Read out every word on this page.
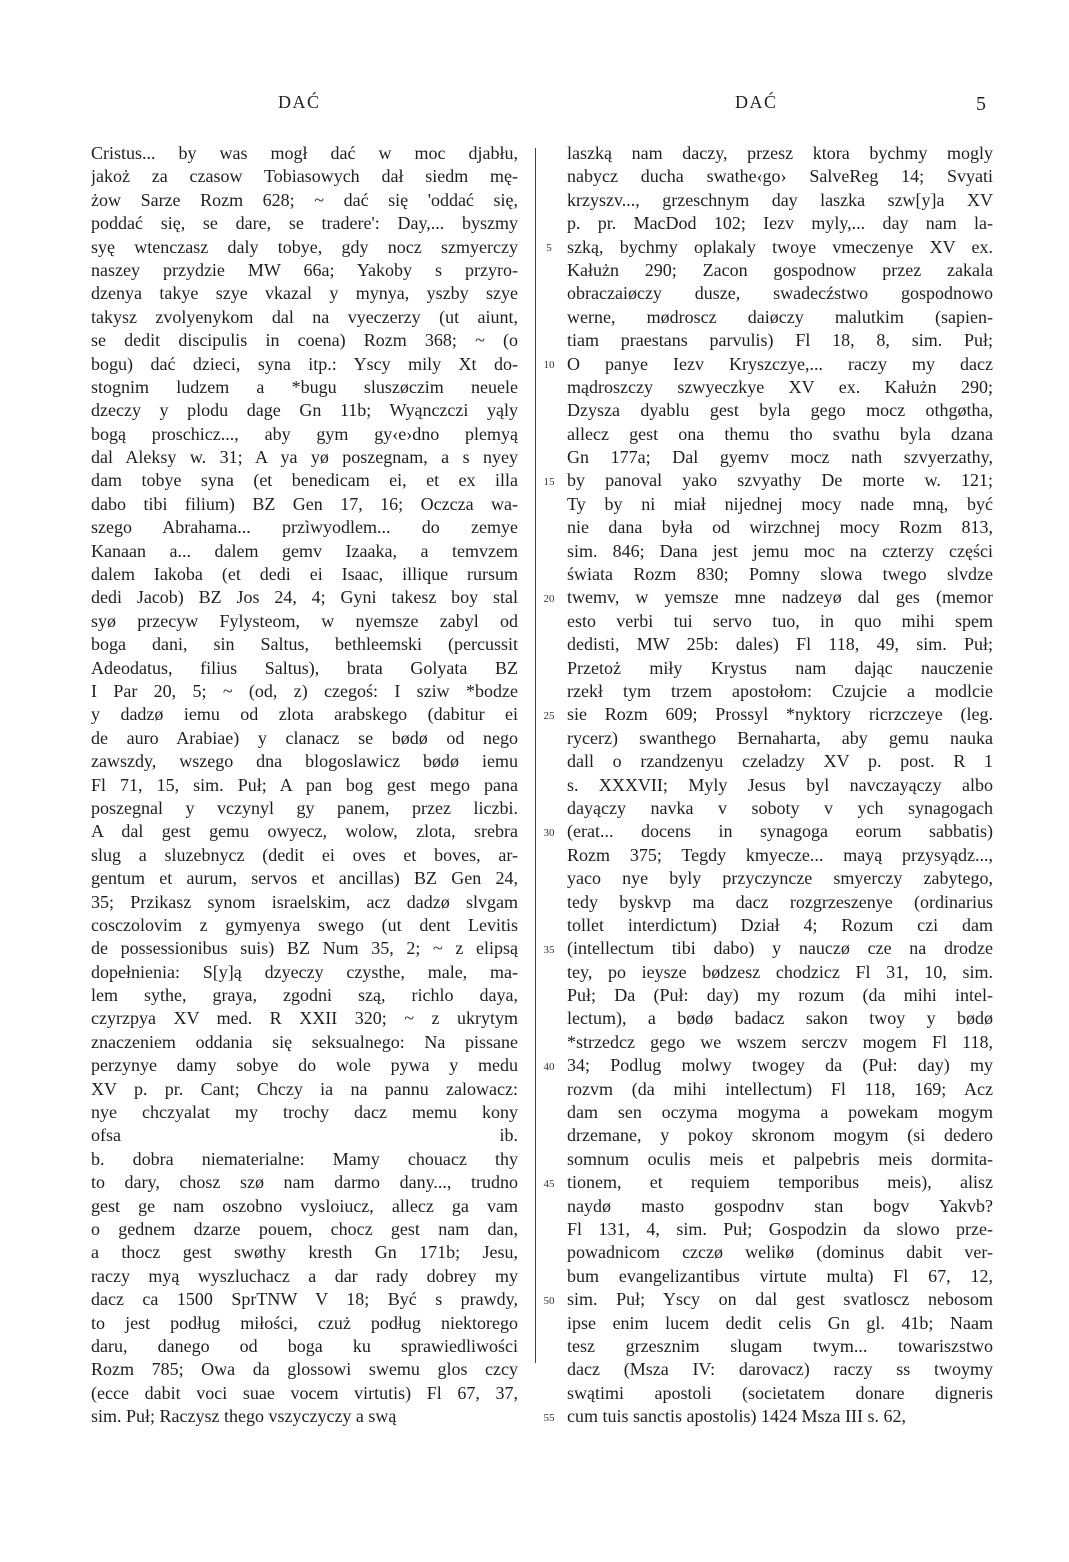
DAĆ	DAĆ	5
Cristus... by was mogł dać w moc djabłu,
jakoż za czasow Tobiasowych dał siedm mę-
żow Sarze Rozm 628; ~ dać się 'oddać się,
poddać się, se dare, se tradere': Day,... byszmy
syę wtenczasz daly tobye, gdy nocz szmyerczy
naszey przydzie MW 66a; Yakoby s przyro-
dzenya takye szye vkazal y mynya, yszby szye
takysz zvolyenykom dal na vyeczerzy (ut aiunt,
se dedit discipulis in coena) Rozm 368; ~ (o
bogu) dać dzieci, syna itp.: Yscy mily Xt do-
stognim ludzem a *bugu sluszøczim neuele
dzeczy y plodu dage Gn 11b; Wyąnczczi yąly
bogą proschicz..., aby gym gy‹e›dno plemyą
dal Aleksy w. 31; A ya yø poszegnam, a s nyey
dam tobye syna (et benedicam ei, et ex illa
dabo tibi filium) BZ Gen 17, 16; Oczcza wa-
szego Abrahama... przìwyodlem... do zemye
Kanaan a... dalem gemv Izaaka, a temvzem
dalem Iakoba (et dedi ei Isaac, illique rursum
dedi Jacob) BZ Jos 24, 4; Gyni takesz boy stal
syø przecyw Fylysteom, w nyemsze zabyl od
boga dani, sin Saltus, bethleemski (percussit
Adeodatus, filius Saltus), brata Golyata BZ
I Par 20, 5; ~ (od, z) czegoś: I sziw *bodze
y dadzø iemu od zlota arabskego (dabitur ei
de auro Arabiae) y clanacz se bødø od nego
zawszdy, wszego dna blogoslawicz bødø iemu
Fl 71, 15, sim. Puł; A pan bog gest mego pana
poszegnal y vczynyl gy panem, przez liczbi.
A dal gest gemu owyecz, wolow, zlota, srebra
slug a sluzebnycz (dedit ei oves et boves, ar-
gentum et aurum, servos et ancillas) BZ Gen 24,
35; Przikasz synom israelskim, acz dadzø slvgam
cosczolovim z gymyenya swego (ut dent Levitis
de possessionibus suis) BZ Num 35, 2; ~ z elipsą
dopełnienia: S[y]ą dzyeczy czysthe, male, ma-
lem sythe, graya, zgodni szą, richlo daya,
czyrzpya XV med. R XXII 320; ~ z ukrytym
znaczeniem oddania się seksualnego: Na pissane
perzynye damy sobye do wole pywa y medu
XV p. pr. Cant; Chczy ia na pannu zalowacz:
nye chczyalat my trochy dacz memu kony
ofsa ib.
b. dobra niematerialne: Mamy chouacz thy
to dary, chosz szø nam darmo dany..., trudno
gest ge nam oszobno vysloiucz, allecz ga vam
o gednem dzarze pouem, chocz gest nam dan,
a thocz gest swøthy kresth Gn 171b; Jesu,
raczy myą wyszluchacz a dar rady dobrey my
dacz ca 1500 SprTNW V 18; Być s prawdy,
to jest podług miłości, czuż podług niektorego
daru, danego od boga ku sprawiedliwości
Rozm 785; Owa da glossowi swemu glos czcy
(ecce dabit voci suae vocem virtutis) Fl 67, 37,
sim. Puł; Raczysz thego vszyczyczy a swą
5
10
15
20
25
30
35
40
45
50
55
laszką nam daczy, przesz ktora bychmy mogly
nabycz ducha swathe‹go› SalveReg 14; Svyati
krzyszv..., grzeschnym day laszka szw[y]a XV
p. pr. MacDod 102; Iezv myly,... day nam la-
szką, bychmy oplakaly twoye vmeczenye XV ex.
Kałużn 290; Zacon gospodnow przez zakala
obraczaiøczy dusze, swadecźstwo gospodnowo
werne, mødroscz daiøczy malutkim (sapien-
tiam praestans parvulis) Fl 18, 8, sim. Puł;
O panye Iezv Kryszczye,... raczy my dacz
mądroszczy szwyeczkye XV ex. Kałużn 290;
Dzysza dyablu gest byla gego mocz othgøtha,
allecz gest ona themu tho svathu byla dzana
Gn 177a; Dal gyemv mocz nath szvyerzathy,
by panoval yako szvyathy De morte w. 121;
Ty by ni miał nijednej mocy nade mną, być
nie dana była od wirzchnej mocy Rozm 813,
sim. 846; Dana jest jemu moc na czterzy części
świata Rozm 830; Pomny slowa twego slvdze
twemv, w yemsze mne nadzeyø dal ges (memor
esto verbi tui servo tuo, in quo mihi spem
dedisti, MW 25b: dales) Fl 118, 49, sim. Puł;
Przetoż miły Krystus nam dając nauczenie
rzekł tym trzem apostołom: Czujcie a modlcie
sie Rozm 609; Prossyl *nyktory ricrzczeye (leg.
rycerz) swanthego Bernaharta, aby gemu nauka
dall o rzandzenyu czeladzy XV p. post. R 1
s. XXXVII; Myly Jesus byl navczayączy albo
dayączy navka v soboty v ych synagogach
(erat... docens in synagoga eorum sabbatis)
Rozm 375; Tegdy kmyecze... mayą przysyądz...,
yaco nye byly przyczyncze smyerczy zabytego,
tedy byskvp ma dacz rozgrzeszenye (ordinarius
tollet interdictum) Dział 4; Rozum czi dam
(intellectum tibi dabo) y nauczø cze na drodze
tey, po ieysze bødzesz chodzicz Fl 31, 10, sim.
Puł; Da (Puł: day) my rozum (da mihi intel-
lectum), a bødø badacz sakon twoy y bødø
*strzedcz gego we wszem serczv mogem Fl 118,
34; Podlug molwy twogey da (Puł: day) my
rozvm (da mihi intellectum) Fl 118, 169; Acz
dam sen oczyma mogyma a powekam mogym
drzemane, y pokoy skronom mogym (si dedero
somnum oculis meis et palpebris meis dormita-
tionem, et requiem temporibus meis), alisz
naydø masto gospodnv stan bogv Yakvb?
Fl 131, 4, sim. Puł; Gospodzin da slowo prze-
powadnicom czczø welikø (dominus dabit ver-
bum evangelizantibus virtute multa) Fl 67, 12,
sim. Puł; Yscy on dal gest svatloscz nebosom
ipse enim lucem dedit celis Gn gl. 41b; Naam
tesz grzesznim slugam twym... towariszstwo
dacz (Msza IV: darovacz) raczy ss twoymy
swątimi apostoli (societatem donare digneris
cum tuis sanctis apostolis) 1424 Msza III s. 62,
